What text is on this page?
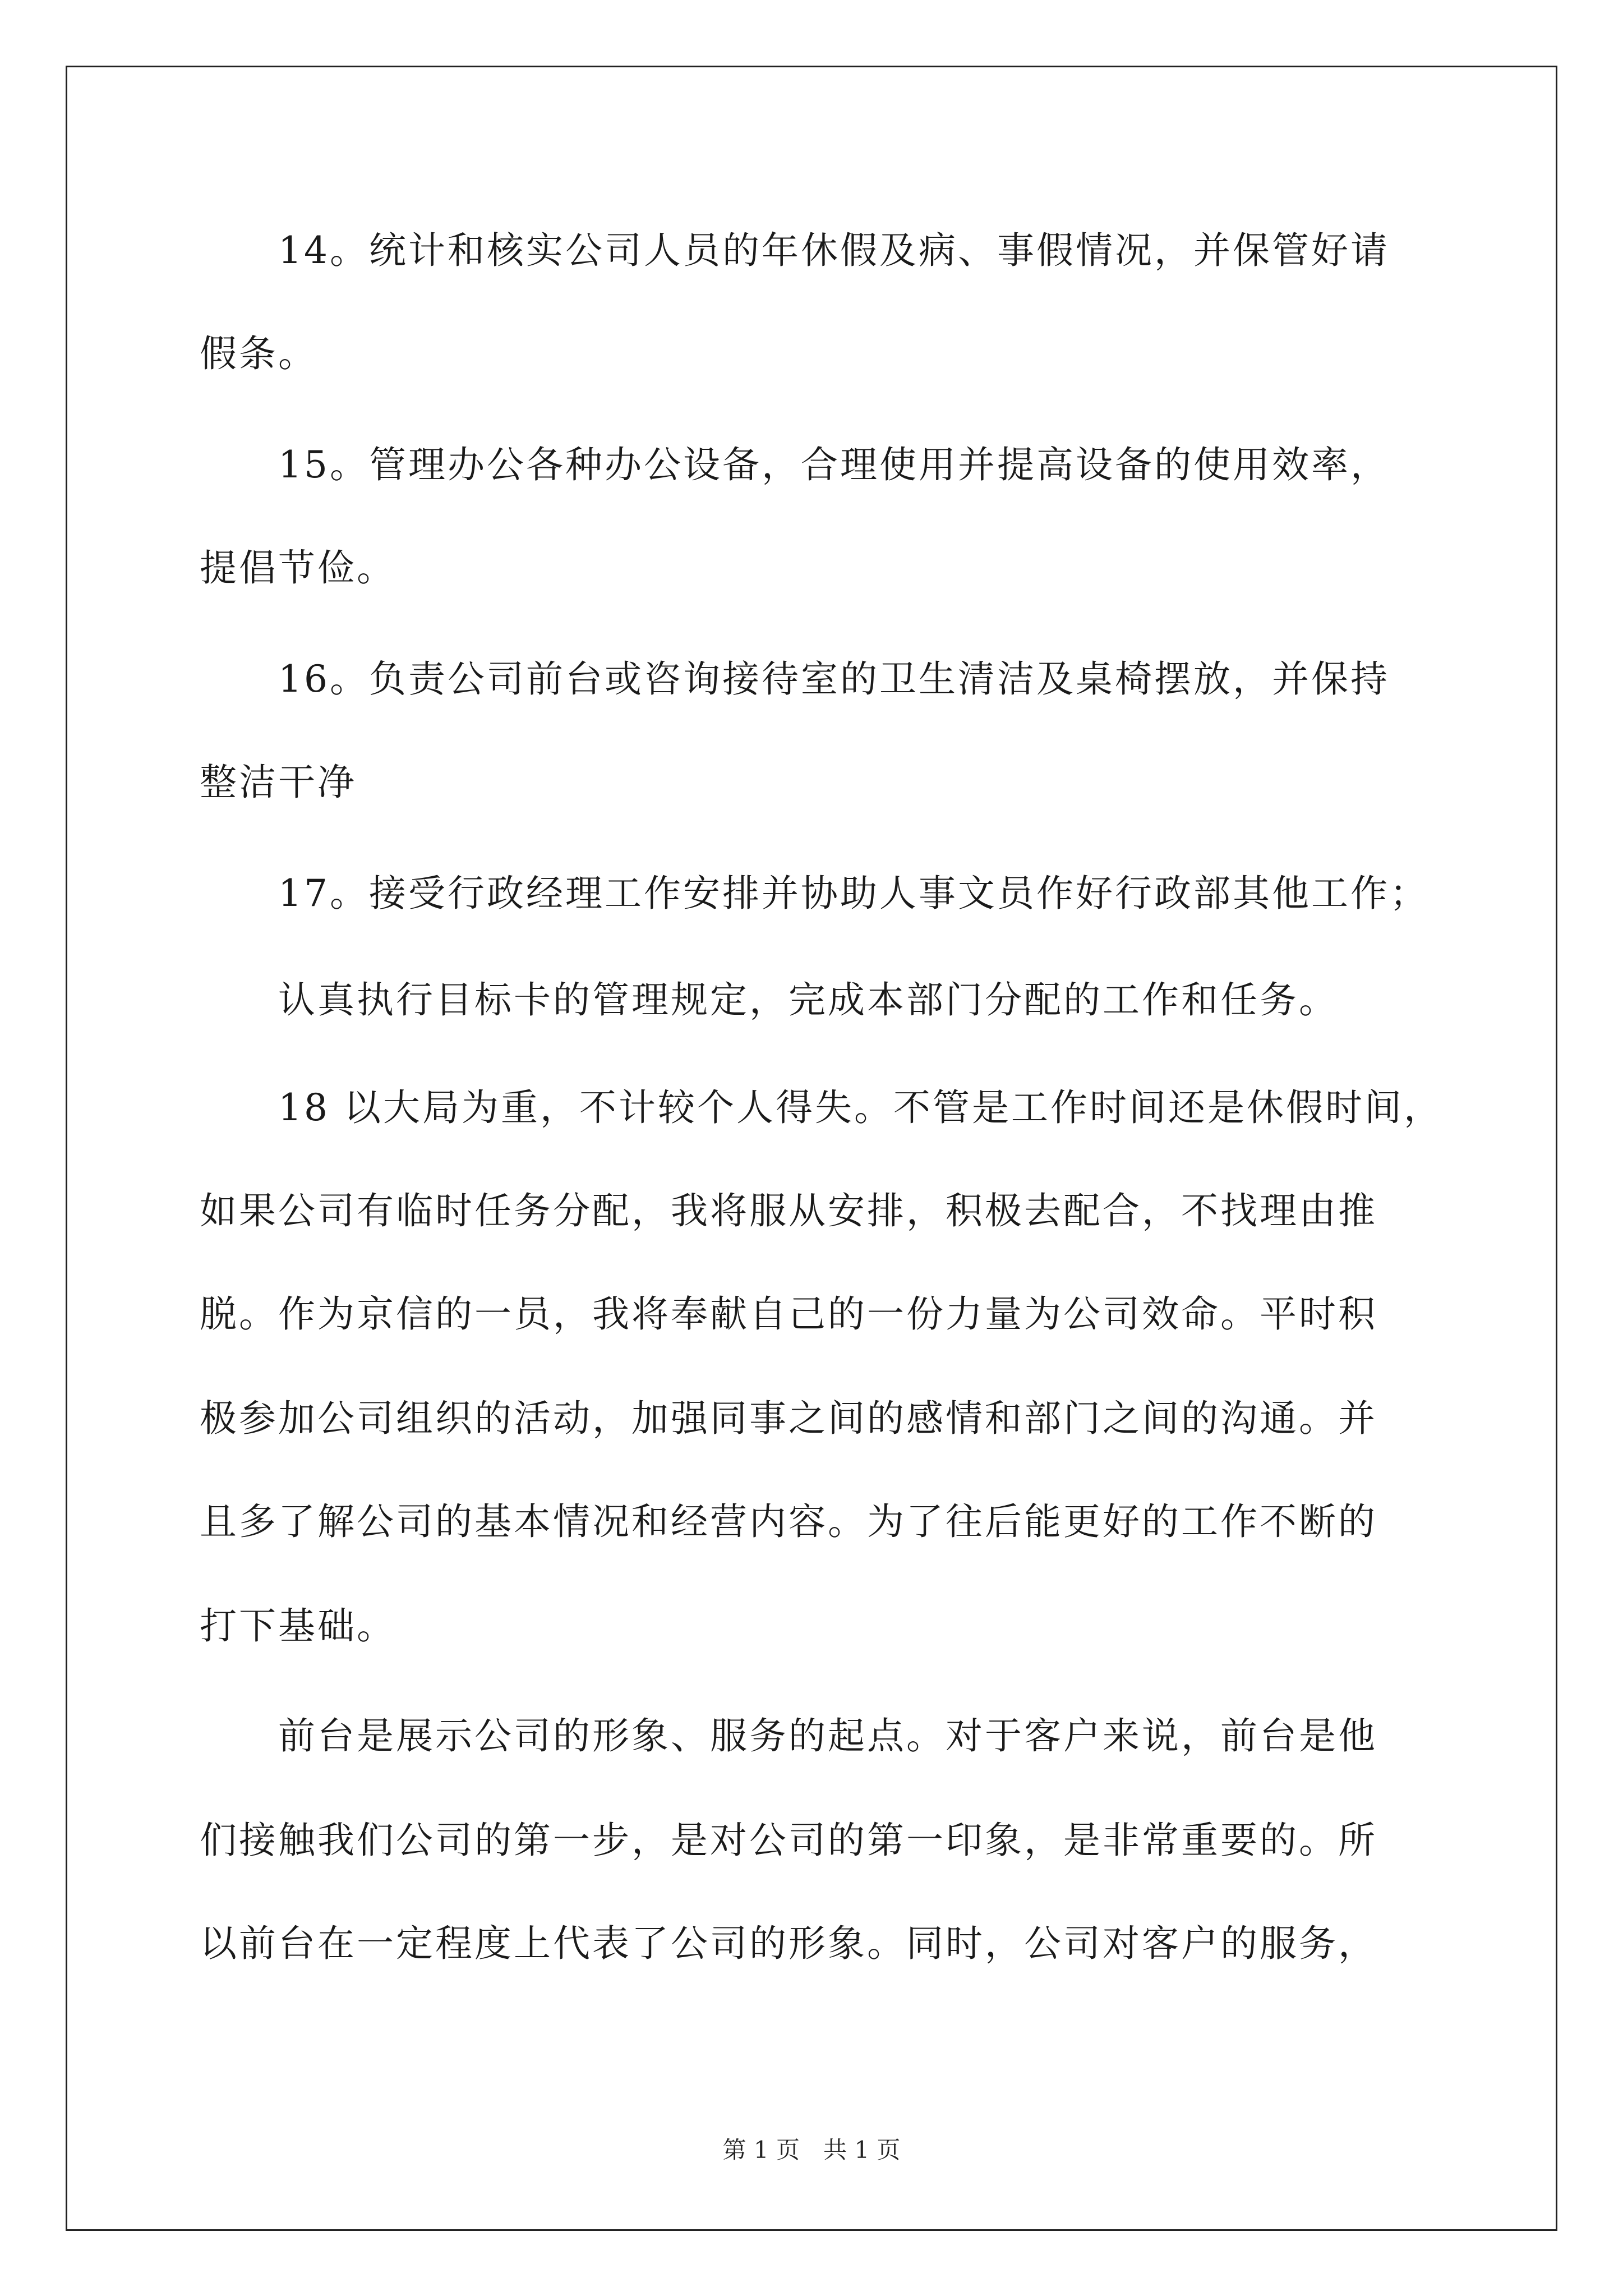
14。统计和核实公司人员的年休假及病、事假情况，并保管好请
假条。
15。管理办公各种办公设备，合理使用并提高设备的使用效率，
提倡节俭。
16。负责公司前台或咨询接待室的卫生清洁及桌椅摆放，并保持
整洁干净
17。接受行政经理工作安排并协助人事文员作好行政部其他工作；
认真执行目标卡的管理规定，完成本部门分配的工作和任务。
18 以大局为重，不计较个人得失。不管是工作时间还是休假时间，
如果公司有临时任务分配，我将服从安排，积极去配合，不找理由推
脱。作为京信的一员，我将奉献自己的一份力量为公司效命。平时积
极参加公司组织的活动，加强同事之间的感情和部门之间的沟通。并
且多了解公司的基本情况和经营内容。为了往后能更好的工作不断的
打下基础。
前台是展示公司的形象、服务的起点。对于客户来说，前台是他
们接触我们公司的第一步，是对公司的第一印象，是非常重要的。所
以前台在一定程度上代表了公司的形象。同时，公司对客户的服务，
第 1 页　共 1 页
